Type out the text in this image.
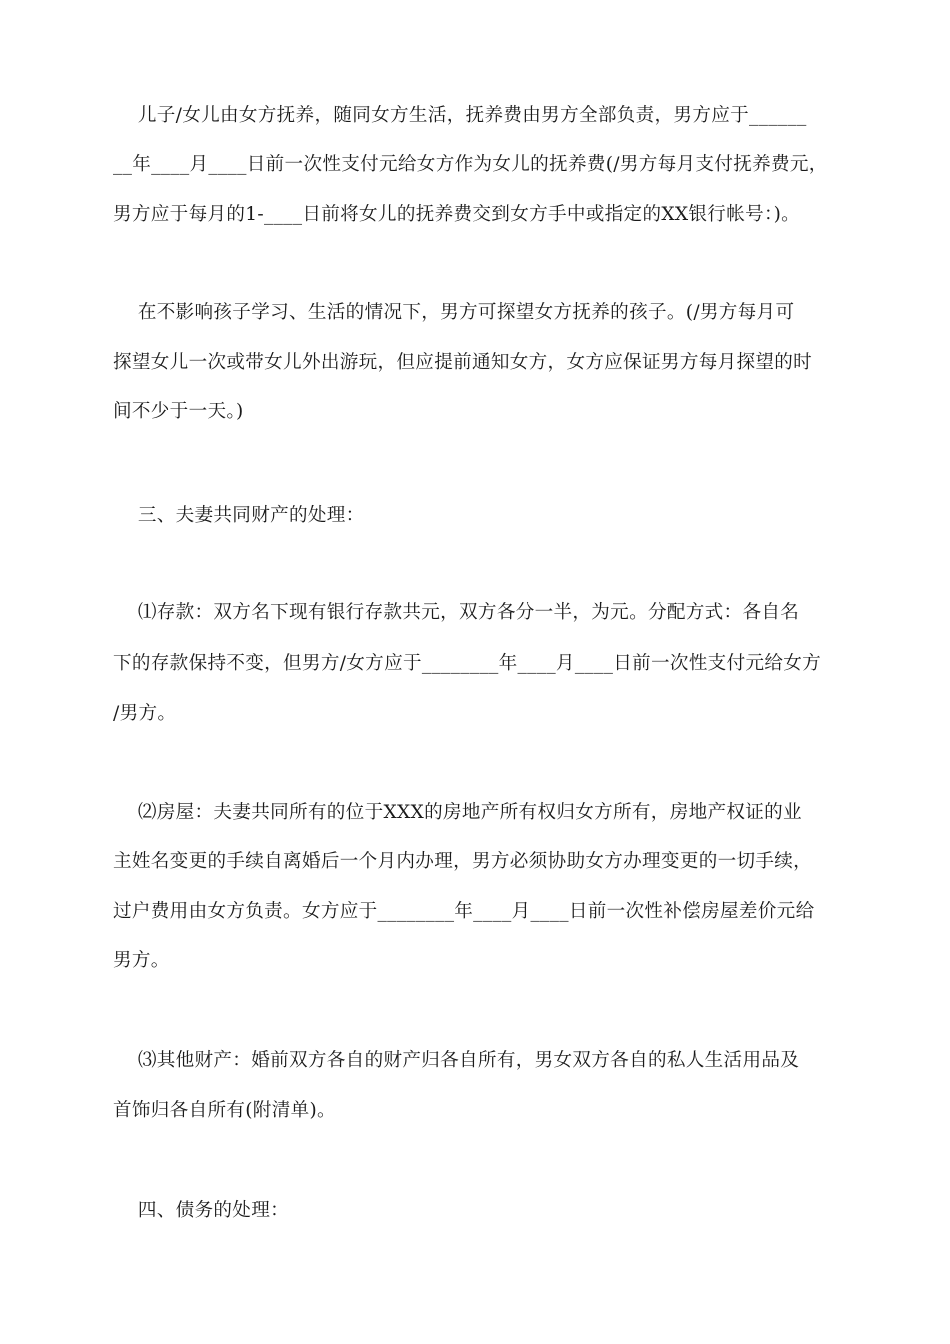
儿子/女儿由女方抚养，随同女方生活，抚养费由男方全部负责，男方应于______
__年____月____日前一次性支付元给女方作为女儿的抚养费(/男方每月支付抚养费元，
男方应于每月的1-____日前将女儿的抚养费交到女方手中或指定的XX银行帐号：)。
在不影响孩子学习、生活的情况下，男方可探望女方抚养的孩子。(/男方每月可
探望女儿一次或带女儿外出游玩，但应提前通知女方，女方应保证男方每月探望的时
间不少于一天。)
三、夫妻共同财产的处理：
⑴存款：双方名下现有银行存款共元，双方各分一半，为元。分配方式：各自名
下的存款保持不变，但男方/女方应于________年____月____日前一次性支付元给女方
/男方。
⑵房屋：夫妻共同所有的位于XXX的房地产所有权归女方所有，房地产权证的业
主姓名变更的手续自离婚后一个月内办理，男方必须协助女方办理变更的一切手续，
过户费用由女方负责。女方应于________年____月____日前一次性补偿房屋差价元给
男方。
⑶其他财产：婚前双方各自的财产归各自所有，男女双方各自的私人生活用品及
首饰归各自所有(附清单)。
四、债务的处理：
